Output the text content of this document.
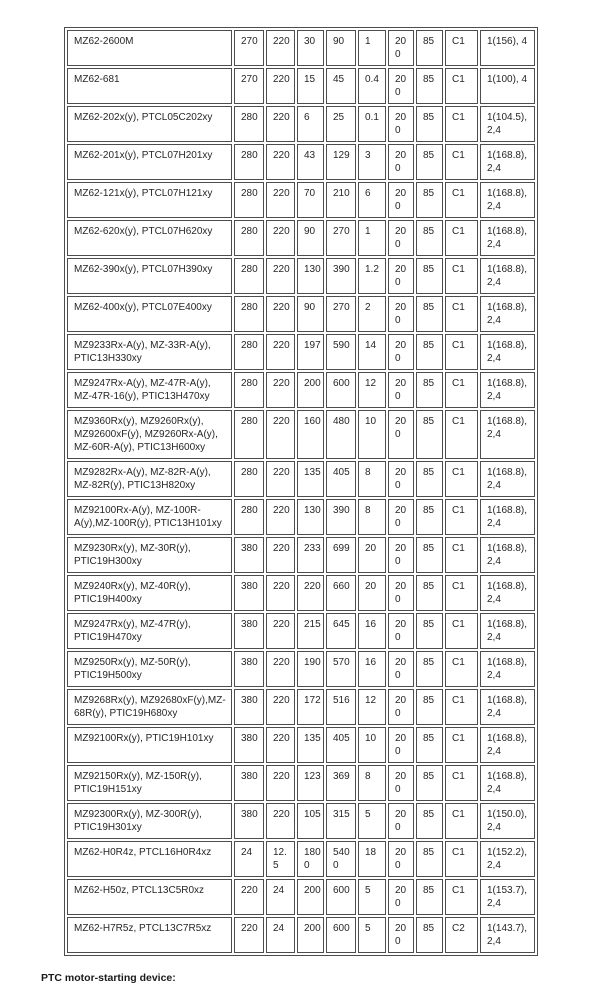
MZ62-2600M	270	220	30	90	1	200	85	C1	1(156), 4
MZ62-681	270	220	15	45	0.4	200	85	C1	1(100), 4
MZ62-202x(y), PTCL05C202xy	280	220	6	25	0.1	200	85	C1	1(104.5),2,4
MZ62-201x(y), PTCL07H201xy	280	220	43	129	3	200	85	C1	1(168.8),2,4
MZ62-121x(y), PTCL07H121xy	280	220	70	210	6	200	85	C1	1(168.8),2,4
MZ62-620x(y), PTCL07H620xy	280	220	90	270	1	200	85	C1	1(168.8),2,4
MZ62-390x(y), PTCL07H390xy	280	220	130	390	1.2	200	85	C1	1(168.8),2,4
MZ62-400x(y), PTCL07E400xy	280	220	90	270	2	200	85	C1	1(168.8),2,4
MZ9233Rx-A(y), MZ-33R-A(y), PTIC13H330xy	280	220	197	590	14	200	85	C1	1(168.8),2,4
MZ9247Rx-A(y), MZ-47R-A(y), MZ-47R-16(y), PTIC13H470xy	280	220	200	600	12	200	85	C1	1(168.8),2,4
MZ9360Rx(y), MZ9260Rx(y), MZ92600xF(y), MZ9260Rx-A(y), MZ-60R-A(y), PTIC13H600xy	280	220	160	480	10	200	85	C1	1(168.8),2,4
MZ9282Rx-A(y), MZ-82R-A(y), MZ-82R(y), PTIC13H820xy	280	220	135	405	8	200	85	C1	1(168.8),2,4
MZ92100Rx-A(y), MZ-100R-A(y),MZ-100R(y), PTIC13H101xy	280	220	130	390	8	200	85	C1	1(168.8),2,4
MZ9230Rx(y), MZ-30R(y), PTIC19H300xy	380	220	233	699	20	200	85	C1	1(168.8),2,4
MZ9240Rx(y), MZ-40R(y), PTIC19H400xy	380	220	220	660	20	200	85	C1	1(168.8),2,4
MZ9247Rx(y), MZ-47R(y), PTIC19H470xy	380	220	215	645	16	200	85	C1	1(168.8),2,4
MZ9250Rx(y), MZ-50R(y), PTIC19H500xy	380	220	190	570	16	200	85	C1	1(168.8),2,4
MZ9268Rx(y), MZ92680xF(y),MZ-68R(y), PTIC19H680xy	380	220	172	516	12	200	85	C1	1(168.8),2,4
MZ92100Rx(y), PTIC19H101xy	380	220	135	405	10	200	85	C1	1(168.8),2,4
MZ92150Rx(y), MZ-150R(y), PTIC19H151xy	380	220	123	369	8	200	85	C1	1(168.8),2,4
MZ92300Rx(y), MZ-300R(y), PTIC19H301xy	380	220	105	315	5	200	85	C1	1(150.0),2,4
MZ62-H0R4z, PTCL16H0R4xz	24	12.5	1800	5400	18	200	85	C1	1(152.2),2,4
MZ62-H50z, PTCL13C5R0xz	220	24	200	600	5	200	85	C1	1(153.7),2,4
MZ62-H7R5z, PTCL13C7R5xz	220	24	200	600	5	200	85	C2	1(143.7),2,4

PTC motor-starting device:
